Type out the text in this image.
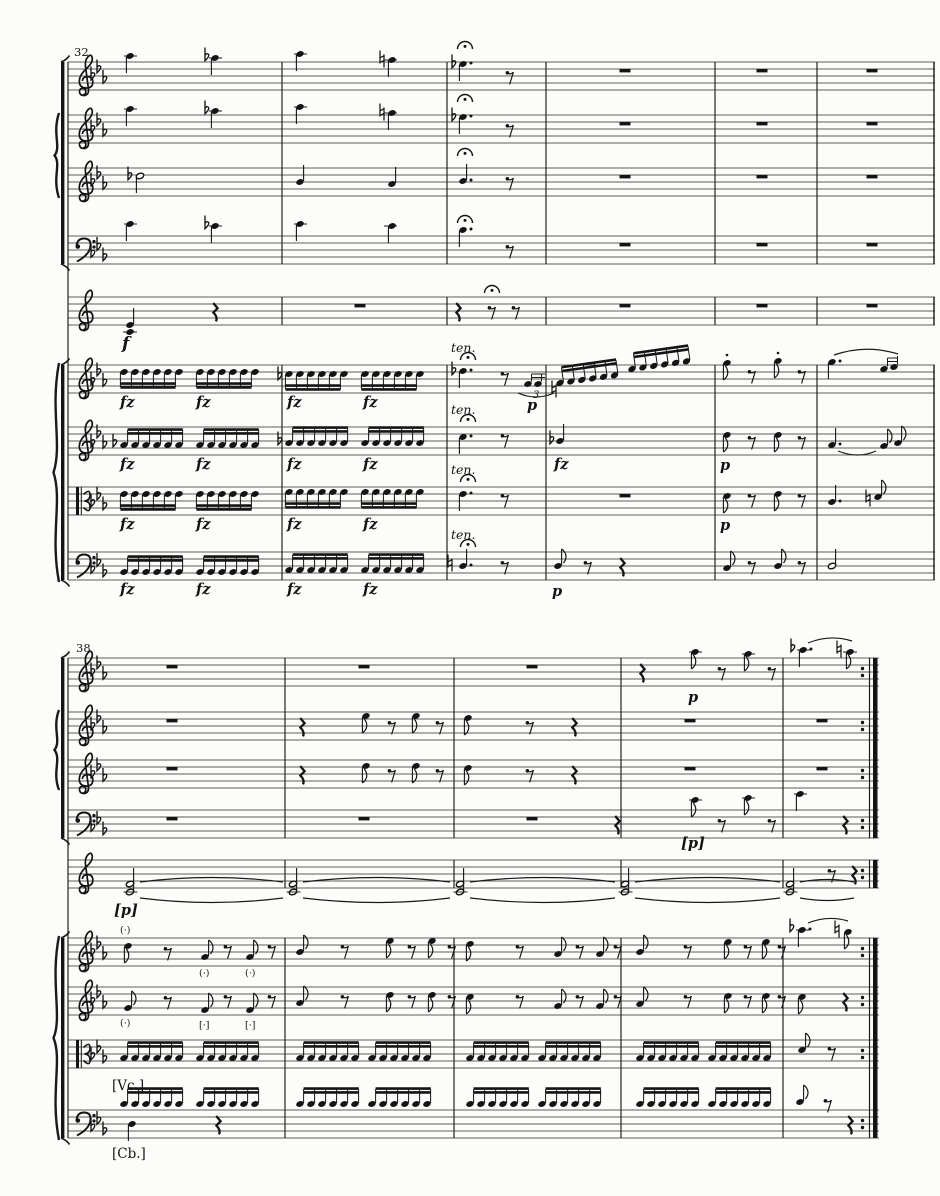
32
f
fz	fz	fz	fz
fz	fz	fz	fz	fz
fz	fz	fz	fz
fz	fz	fz	fz
ten.
ten.
ten.
ten.
3
p
p
p
p
38
p
[p]
[p]
[Vc.]
[Cb.]
(·)
(·)	(·)
(·)	[·]	[·]
